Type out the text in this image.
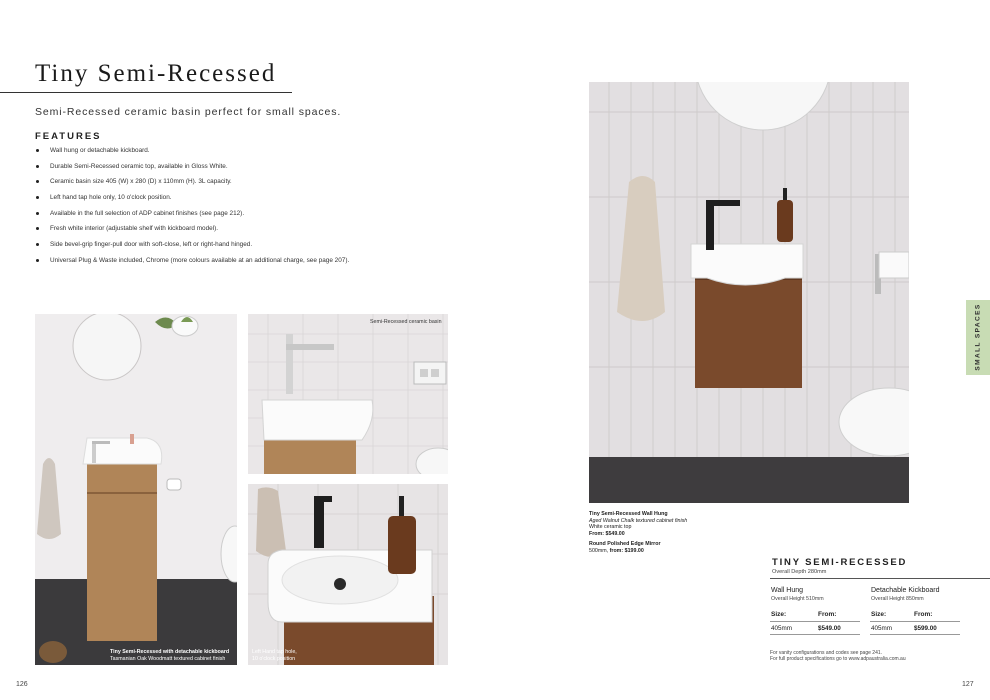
Tiny Semi-Recessed
Semi-Recessed ceramic basin perfect for small spaces.
FEATURES
Wall hung or detachable kickboard.
Durable Semi-Recessed ceramic top, available in Gloss White.
Ceramic basin size 405 (W) x 280 (D) x 110mm (H). 3L capacity.
Left hand tap hole only, 10 o'clock position.
Available in the full selection of ADP cabinet finishes (see page 212).
Fresh white interior (adjustable shelf with kickboard model).
Side bevel-grip finger-pull door with soft-close, left or right-hand hinged.
Universal Plug & Waste included, Chrome (more colours available at an additional charge, see page 207).
Tiny Semi-Recessed with detachable kickboard
Tasmanian Oak Woodmatt textured cabinet finish
Semi-Recessed ceramic basin
Left Hand tap hole,
10 o'clock position
Tiny Semi-Recessed Wall Hung
Aged Walnut Chalk textured cabinet finish
White ceramic top
From: $549.00
Round Polished Edge Mirror
500mm, from: $199.00
SMALL SPACES
TINY SEMI-RECESSED
Overall Depth 280mm
Wall Hung
Overall Height 510mm
Size:	From:
405mm	$549.00
Detachable Kickboard
Overall Height 850mm
Size:	From:
405mm	$599.00
For vanity configurations and codes see page 241.
For full product specifications go to www.adpaustralia.com.au
126	127
